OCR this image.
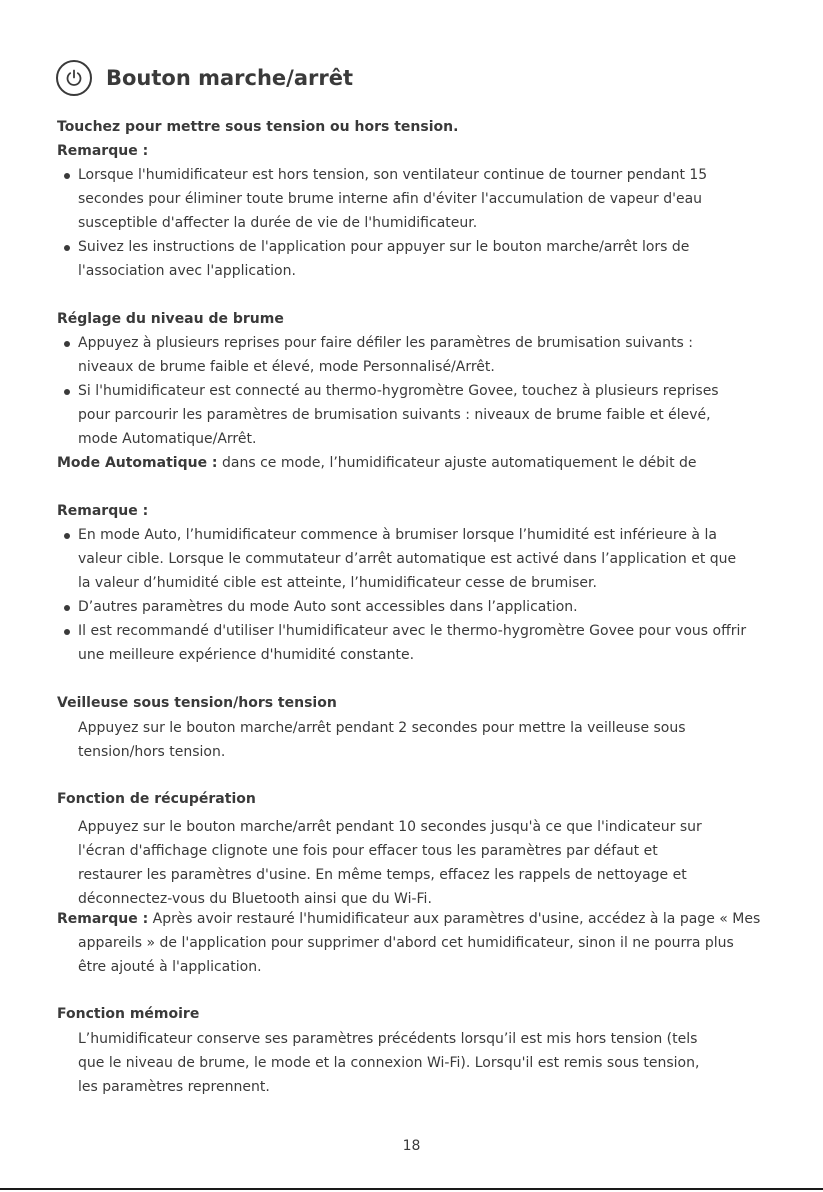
Bouton marche/arrêt
Touchez pour mettre sous tension ou hors tension.
Remarque :
Lorsque l'humidificateur est hors tension, son ventilateur continue de tourner pendant 15
secondes pour éliminer toute brume interne afin d'éviter l'accumulation de vapeur d'eau
susceptible d'affecter la durée de vie de l'humidificateur.
Suivez les instructions de l'application pour appuyer sur le bouton marche/arrêt lors de
l'association avec l'application.
Réglage du niveau de brume
Appuyez à plusieurs reprises pour faire défiler les paramètres de brumisation suivants :
niveaux de brume faible et élevé, mode Personnalisé/Arrêt.
Si l'humidificateur est connecté au thermo-hygromètre Govee, touchez à plusieurs reprises
pour parcourir les paramètres de brumisation suivants : niveaux de brume faible et élevé,
mode Automatique/Arrêt.
Mode Automatique : dans ce mode, l’humidificateur ajuste automatiquement le débit de
Remarque :
En mode Auto, l’humidificateur commence à brumiser lorsque l’humidité est inférieure à la
valeur cible. Lorsque le commutateur d’arrêt automatique est activé dans l’application et que
la valeur d’humidité cible est atteinte, l’humidificateur cesse de brumiser.
D’autres paramètres du mode Auto sont accessibles dans l’application.
Il est recommandé d'utiliser l'humidificateur avec le thermo-hygromètre Govee pour vous offrir
une meilleure expérience d'humidité constante.
Veilleuse sous tension/hors tension
Appuyez sur le bouton marche/arrêt pendant 2 secondes pour mettre la veilleuse sous
tension/hors tension.
Fonction de récupération
Appuyez sur le bouton marche/arrêt pendant 10 secondes jusqu'à ce que l'indicateur sur
l'écran d'affichage clignote une fois pour effacer tous les paramètres par défaut et
restaurer les paramètres d'usine. En même temps, effacez les rappels de nettoyage et
déconnectez-vous du Bluetooth ainsi que du Wi-Fi.
Remarque : Après avoir restauré l'humidificateur aux paramètres d'usine, accédez à la page « Mes
appareils » de l'application pour supprimer d'abord cet humidificateur, sinon il ne pourra plus
être ajouté à l'application.
Fonction mémoire
L’humidificateur conserve ses paramètres précédents lorsqu’il est mis hors tension (tels
que le niveau de brume, le mode et la connexion Wi-Fi). Lorsqu'il est remis sous tension,
les paramètres reprennent.
18
